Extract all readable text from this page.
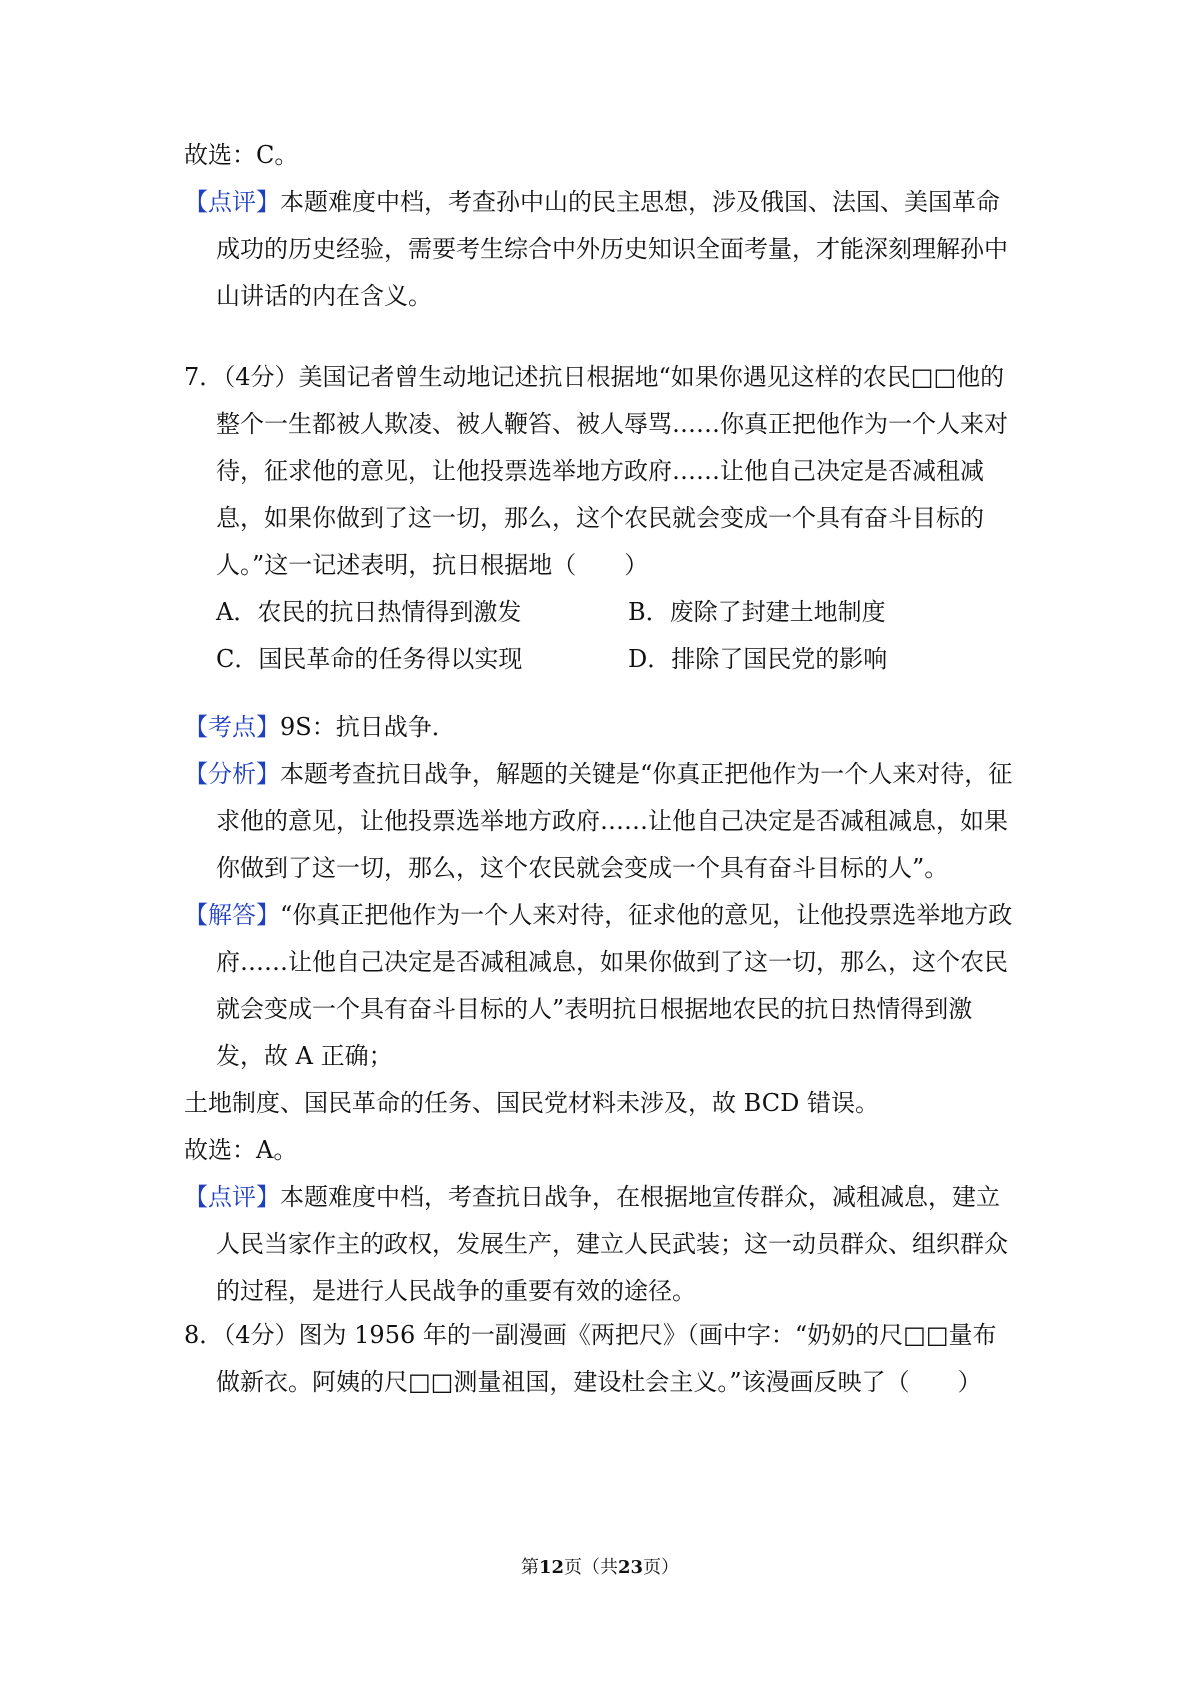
故选：C。
【点评】本题难度中档，考查孙中山的民主思想，涉及俄国、法国、美国革命
成功的历史经验，需要考生综合中外历史知识全面考量，才能深刻理解孙中
山讲话的内在含义。
7．（4分）美国记者曾生动地记述抗日根据地“如果你遇见这样的农民□□他的
整个一生都被人欺凌、被人鞭笞、被人辱骂……你真正把他作为一个人来对
待，征求他的意见，让他投票选举地方政府……让他自己决定是否减租减
息，如果你做到了这一切，那么，这个农民就会变成一个具有奋斗目标的
人。”这一记述表明，抗日根据地（　　）
A．农民的抗日热情得到激发	B．废除了封建土地制度
C．国民革命的任务得以实现	D．排除了国民党的影响
【考点】9S：抗日战争．
【分析】本题考查抗日战争，解题的关键是“你真正把他作为一个人来对待，征
求他的意见，让他投票选举地方政府……让他自己决定是否减租减息，如果
你做到了这一切，那么，这个农民就会变成一个具有奋斗目标的人”。
【解答】“你真正把他作为一个人来对待，征求他的意见，让他投票选举地方政
府……让他自己决定是否减租减息，如果你做到了这一切，那么，这个农民
就会变成一个具有奋斗目标的人”表明抗日根据地农民的抗日热情得到激
发，故 A 正确；
土地制度、国民革命的任务、国民党材料未涉及，故 BCD 错误。
故选：A。
【点评】本题难度中档，考查抗日战争，在根据地宣传群众，减租减息，建立
人民当家作主的政权，发展生产，建立人民武装；这一动员群众、组织群众
的过程，是进行人民战争的重要有效的途径。
8．（4分）图为 1956 年的一副漫画《两把尺》（画中字：“奶奶的尺□□量布
做新衣。阿姨的尺□□测量祖国，建设杜会主义。”该漫画反映了（　　）
第12页（共23页）
